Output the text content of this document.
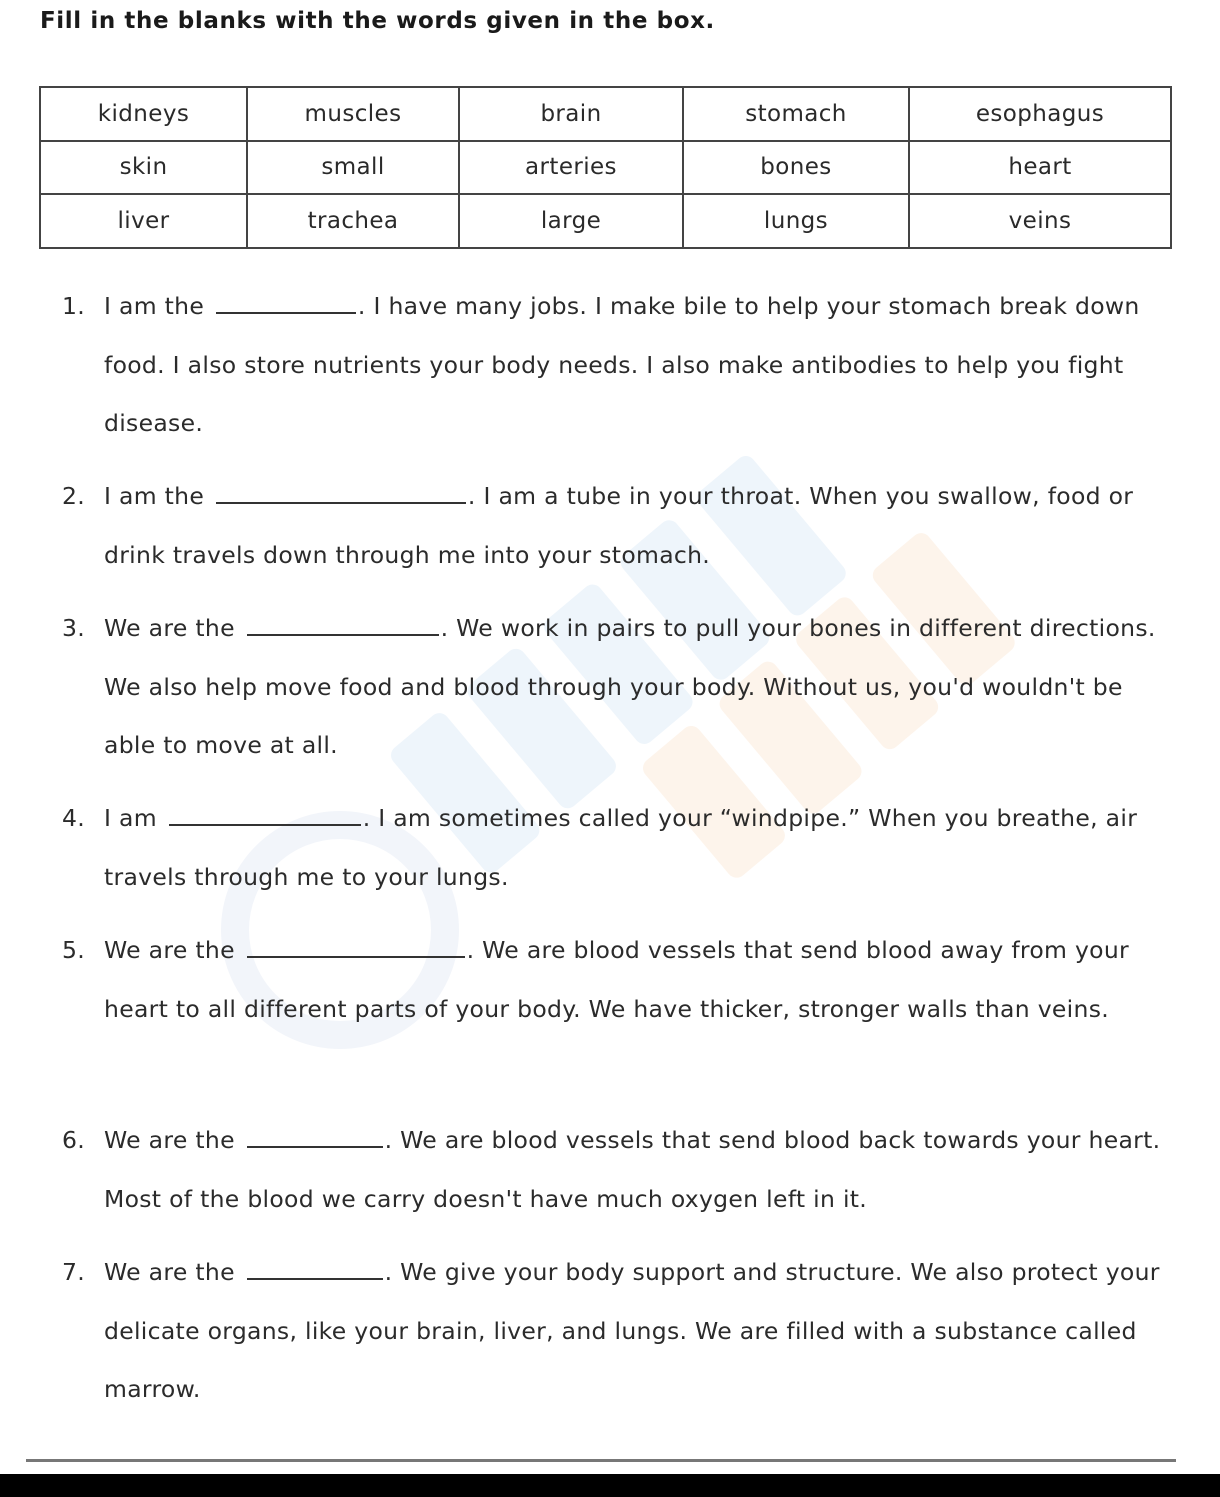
Fill in the blanks with the words given in the box.
kidneys	muscles	brain	stomach	esophagus
skin	small	arteries	bones	heart
liver	trachea	large	lungs	veins
1. I am the	. I have many jobs. I make bile to help your stomach break down food. I also store nutrients your body needs. I also make antibodies to help you fight disease.
2. I am the	. I am a tube in your throat. When you swallow, food or drink travels down through me into your stomach.
3. We are the	. We work in pairs to pull your bones in different directions. We also help move food and blood through your body. Without us, you'd wouldn't be able to move at all.
4. I am	. I am sometimes called your “windpipe.” When you breathe, air travels through me to your lungs.
5. We are the	. We are blood vessels that send blood away from your heart to all different parts of your body. We have thicker, stronger walls than veins.
6. We are the	. We are blood vessels that send blood back towards your heart. Most of the blood we carry doesn't have much oxygen left in it.
7. We are the	. We give your body support and structure. We also protect your delicate organs, like your brain, liver, and lungs. We are filled with a substance called marrow.
